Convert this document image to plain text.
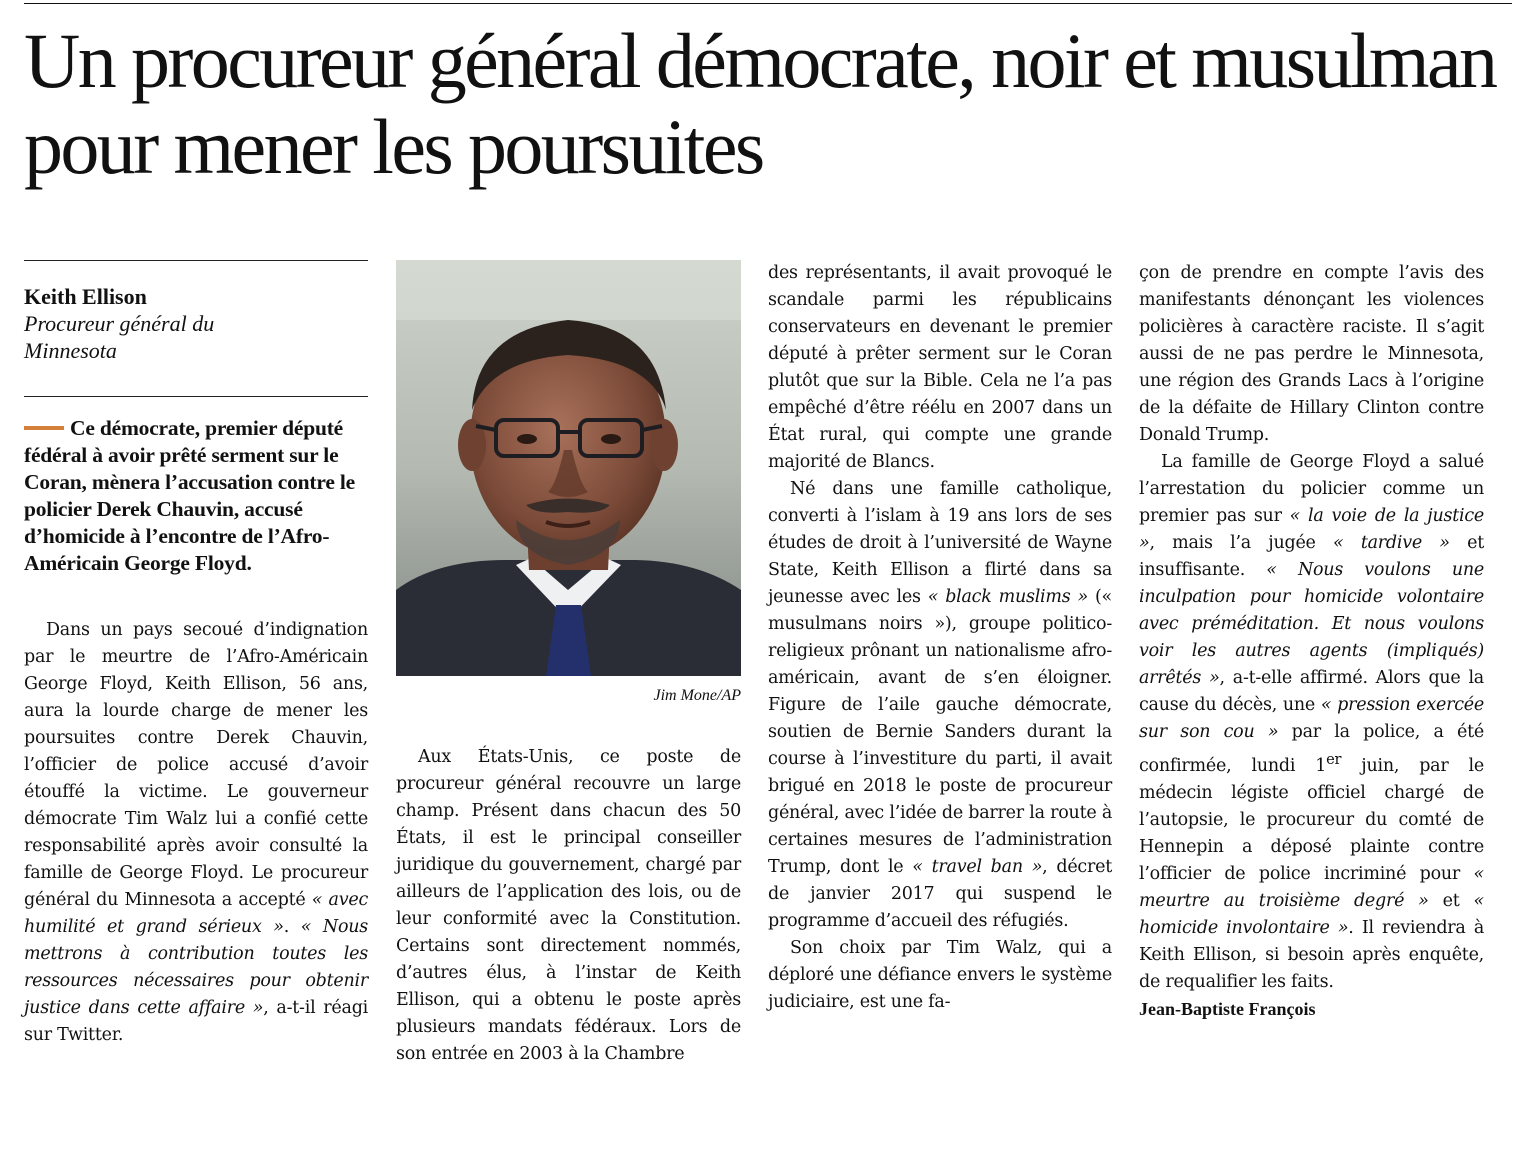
Un procureur général démocrate, noir et musulman pour mener les poursuites
Keith Ellison
Procureur général du Minnesota
Ce démocrate, premier député fédéral à avoir prêté serment sur le Coran, mènera l’accusation contre le policier Derek Chauvin, accusé d’homicide à l’encontre de l’Afro-Américain George Floyd.

Dans un pays secoué d’indignation par le meurtre de l’Afro-Américain George Floyd, Keith Ellison, 56 ans, aura la lourde charge de mener les poursuites contre Derek Chauvin, l’officier de police accusé d’avoir étouffé la victime. Le gouverneur démocrate Tim Walz lui a confié cette responsabilité après avoir consulté la famille de George Floyd. Le procureur général du Minnesota a accepté « avec humilité et grand sérieux ». « Nous mettrons à contribution toutes les ressources nécessaires pour obtenir justice dans cette affaire », a-t-il réagi sur Twitter.

Jim Mone/AP

Aux États-Unis, ce poste de procureur général recouvre un large champ. Présent dans chacun des 50 États, il est le principal conseiller juridique du gouvernement, chargé par ailleurs de l’application des lois, ou de leur conformité avec la Constitution. Certains sont directement nommés, d’autres élus, à l’instar de Keith Ellison, qui a obtenu le poste après plusieurs mandats fédéraux. Lors de son entrée en 2003 à la Chambre

des représentants, il avait provoqué le scandale parmi les républicains conservateurs en devenant le premier député à prêter serment sur le Coran plutôt que sur la Bible. Cela ne l’a pas empêché d’être réélu en 2007 dans un État rural, qui compte une grande majorité de Blancs.

Né dans une famille catholique, converti à l’islam à 19 ans lors de ses études de droit à l’université de Wayne State, Keith Ellison a flirté dans sa jeunesse avec les « black muslims » (« musulmans noirs »), groupe politico-religieux prônant un nationalisme afro-américain, avant de s’en éloigner. Figure de l’aile gauche démocrate, soutien de Bernie Sanders durant la course à l’investiture du parti, il avait brigué en 2018 le poste de procureur général, avec l’idée de barrer la route à certaines mesures de l’administration Trump, dont le « travel ban », décret de janvier 2017 qui suspend le programme d’accueil des réfugiés.

Son choix par Tim Walz, qui a déploré une défiance envers le système judiciaire, est une fa-

çon de prendre en compte l’avis des manifestants dénonçant les violences policières à caractère raciste. Il s’agit aussi de ne pas perdre le Minnesota, une région des Grands Lacs à l’origine de la défaite de Hillary Clinton contre Donald Trump.

La famille de George Floyd a salué l’arrestation du policier comme un premier pas sur « la voie de la justice », mais l’a jugée « tardive » et insuffisante. « Nous voulons une inculpation pour homicide volontaire avec préméditation. Et nous voulons voir les autres agents (impliqués) arrêtés », a-t-elle affirmé. Alors que la cause du décès, une « pression exercée sur son cou » par la police, a été confirmée, lundi 1er juin, par le médecin légiste officiel chargé de l’autopsie, le procureur du comté de Hennepin a déposé plainte contre l’officier de police incriminé pour « meurtre au troisième degré » et « homicide involontaire ». Il reviendra à Keith Ellison, si besoin après enquête, de requalifier les faits.

Jean-Baptiste François
